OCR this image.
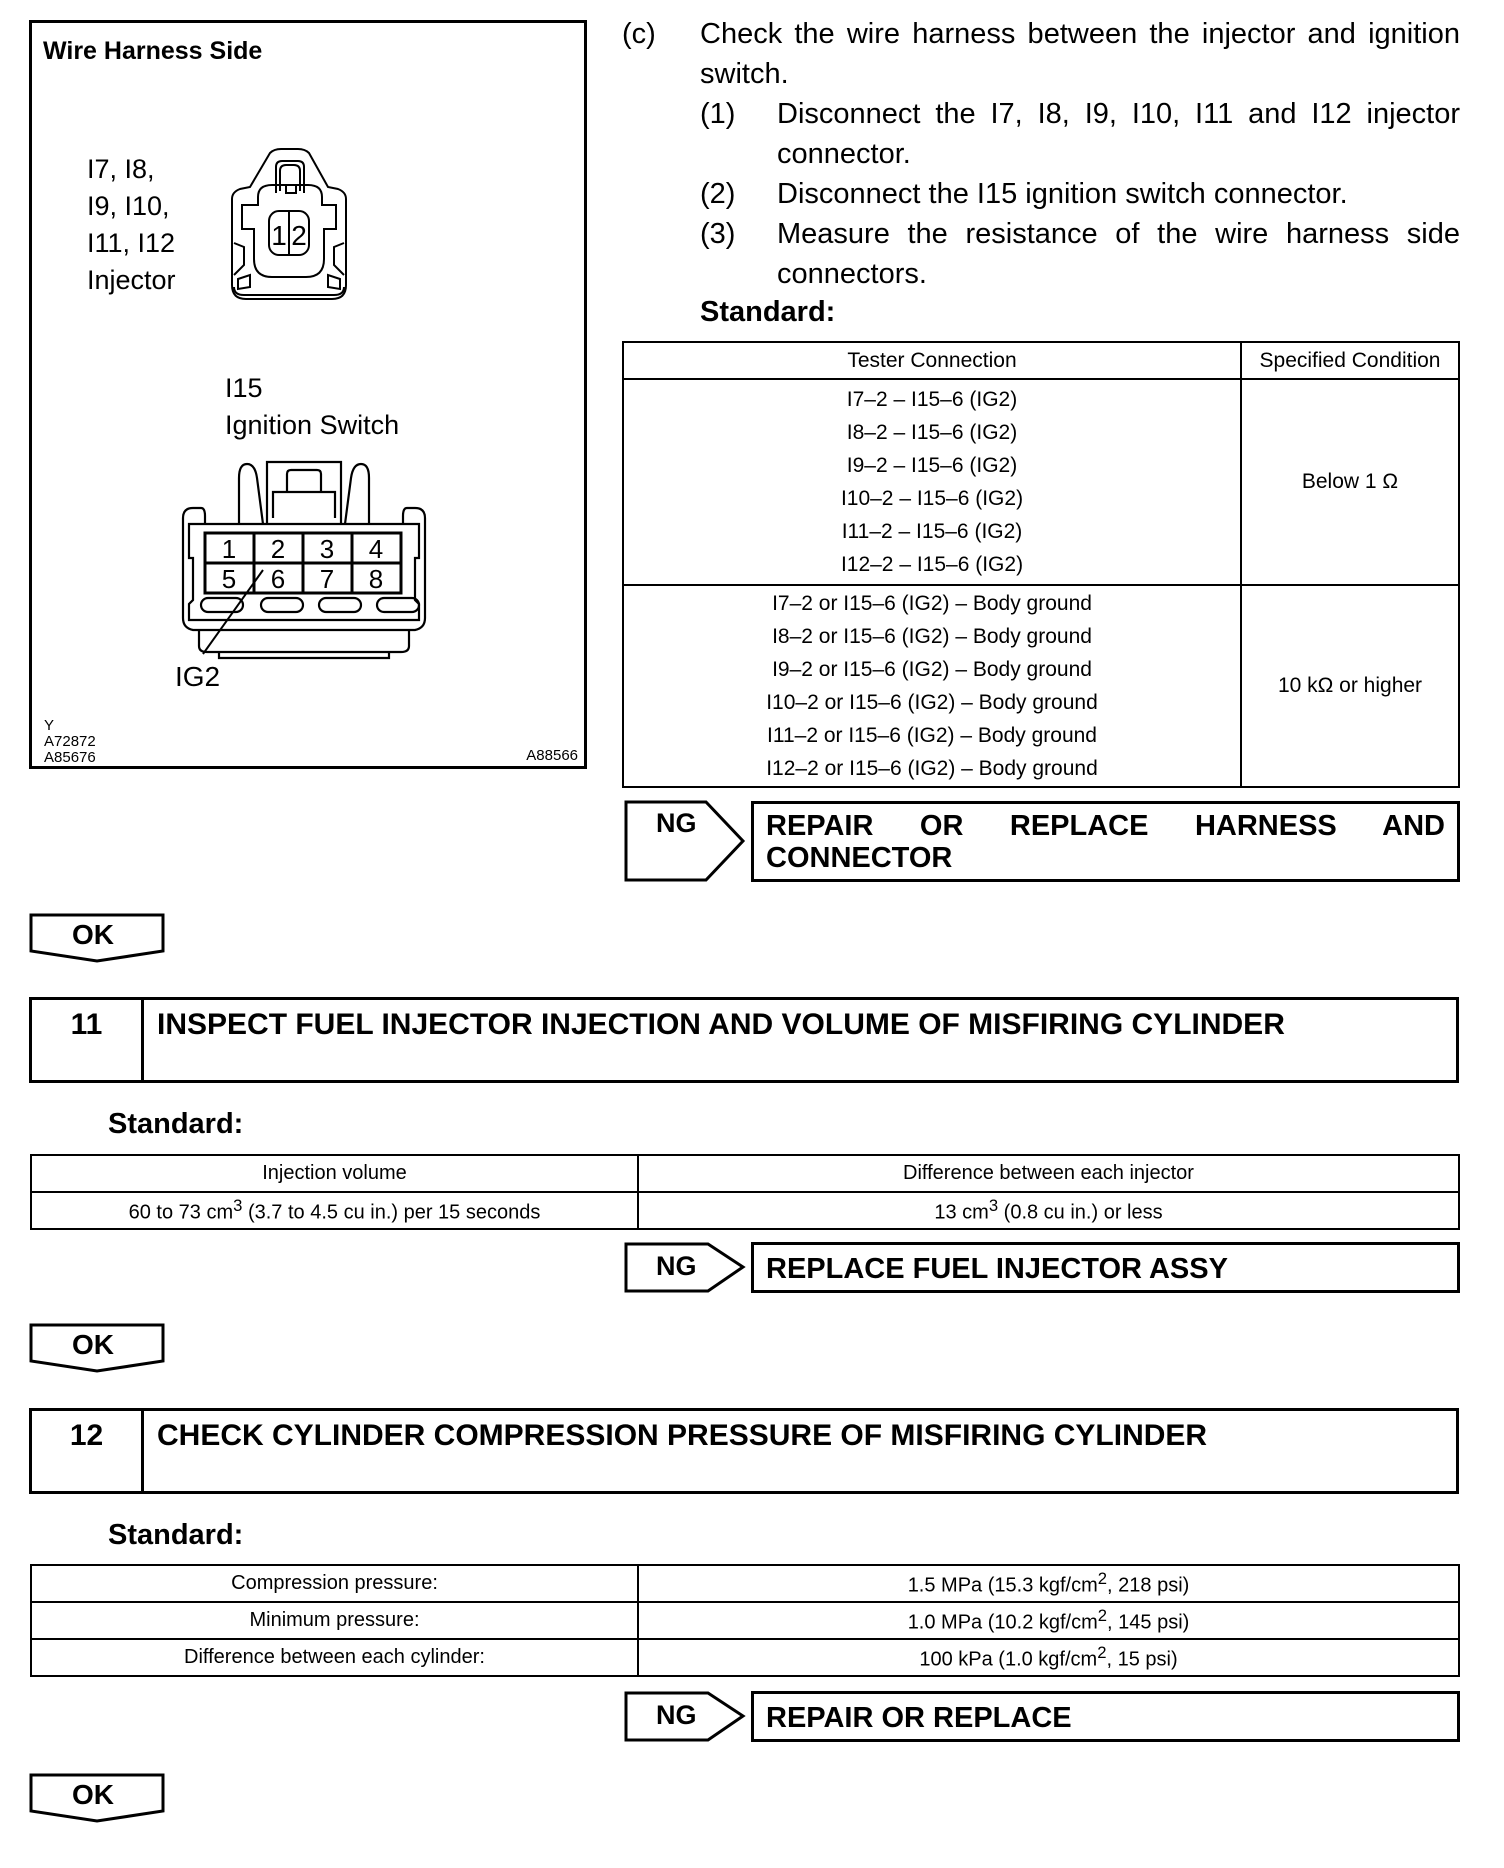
Wire Harness Side
I7, I8,
I9, I10,
I11, I12
Injector
1 2
I15
Ignition Switch
1 2 3 4
5 6 7 8
IG2
Y
A72872
A85676	A88566
(c) Check the wire harness between the injector and ignition switch.
(1) Disconnect the I7, I8, I9, I10, I11 and I12 injector connector.
(2) Disconnect the I15 ignition switch connector.
(3) Measure the resistance of the wire harness side connectors.
Standard:
Tester Connection	Specified Condition

I7–2 – I15–6 (IG2)
I8–2 – I15–6 (IG2)
I9–2 – I15–6 (IG2)
I10–2 – I15–6 (IG2)
I11–2 – I15–6 (IG2)
I12–2 – I15–6 (IG2)
	Below 1 Ω

I7–2 or I15–6 (IG2) – Body ground
I8–2 or I15–6 (IG2) – Body ground
I9–2 or I15–6 (IG2) – Body ground
I10–2 or I15–6 (IG2) – Body ground
I11–2 or I15–6 (IG2) – Body ground
I12–2 or I15–6 (IG2) – Body ground
	10 kΩ or higher
NG REPAIR OR REPLACE HARNESS AND
CONNECTOR
OK
11	INSPECT FUEL INJECTOR INJECTION AND VOLUME OF MISFIRING CYLINDER
Standard:
Injection volume	Difference between each injector
60 to 73 $cm^3$ (3.7 to 4.5 cu in.) per 15 seconds	13 $cm^3$ (0.8 cu in.) or less
NG	REPLACE FUEL INJECTOR ASSY
OK
12	CHECK CYLINDER COMPRESSION PRESSURE OF MISFIRING CYLINDER
Standard:
Compression pressure:	1.5 MPa (15.3 kgf/$cm^2$, 218 psi)
Minimum pressure:	1.0 MPa (10.2 kgf/$cm^2$, 145 psi)
Difference between each cylinder:	100 kPa (1.0 kgf/$cm^2$, 15 psi)
NG	REPAIR OR REPLACE
OK
